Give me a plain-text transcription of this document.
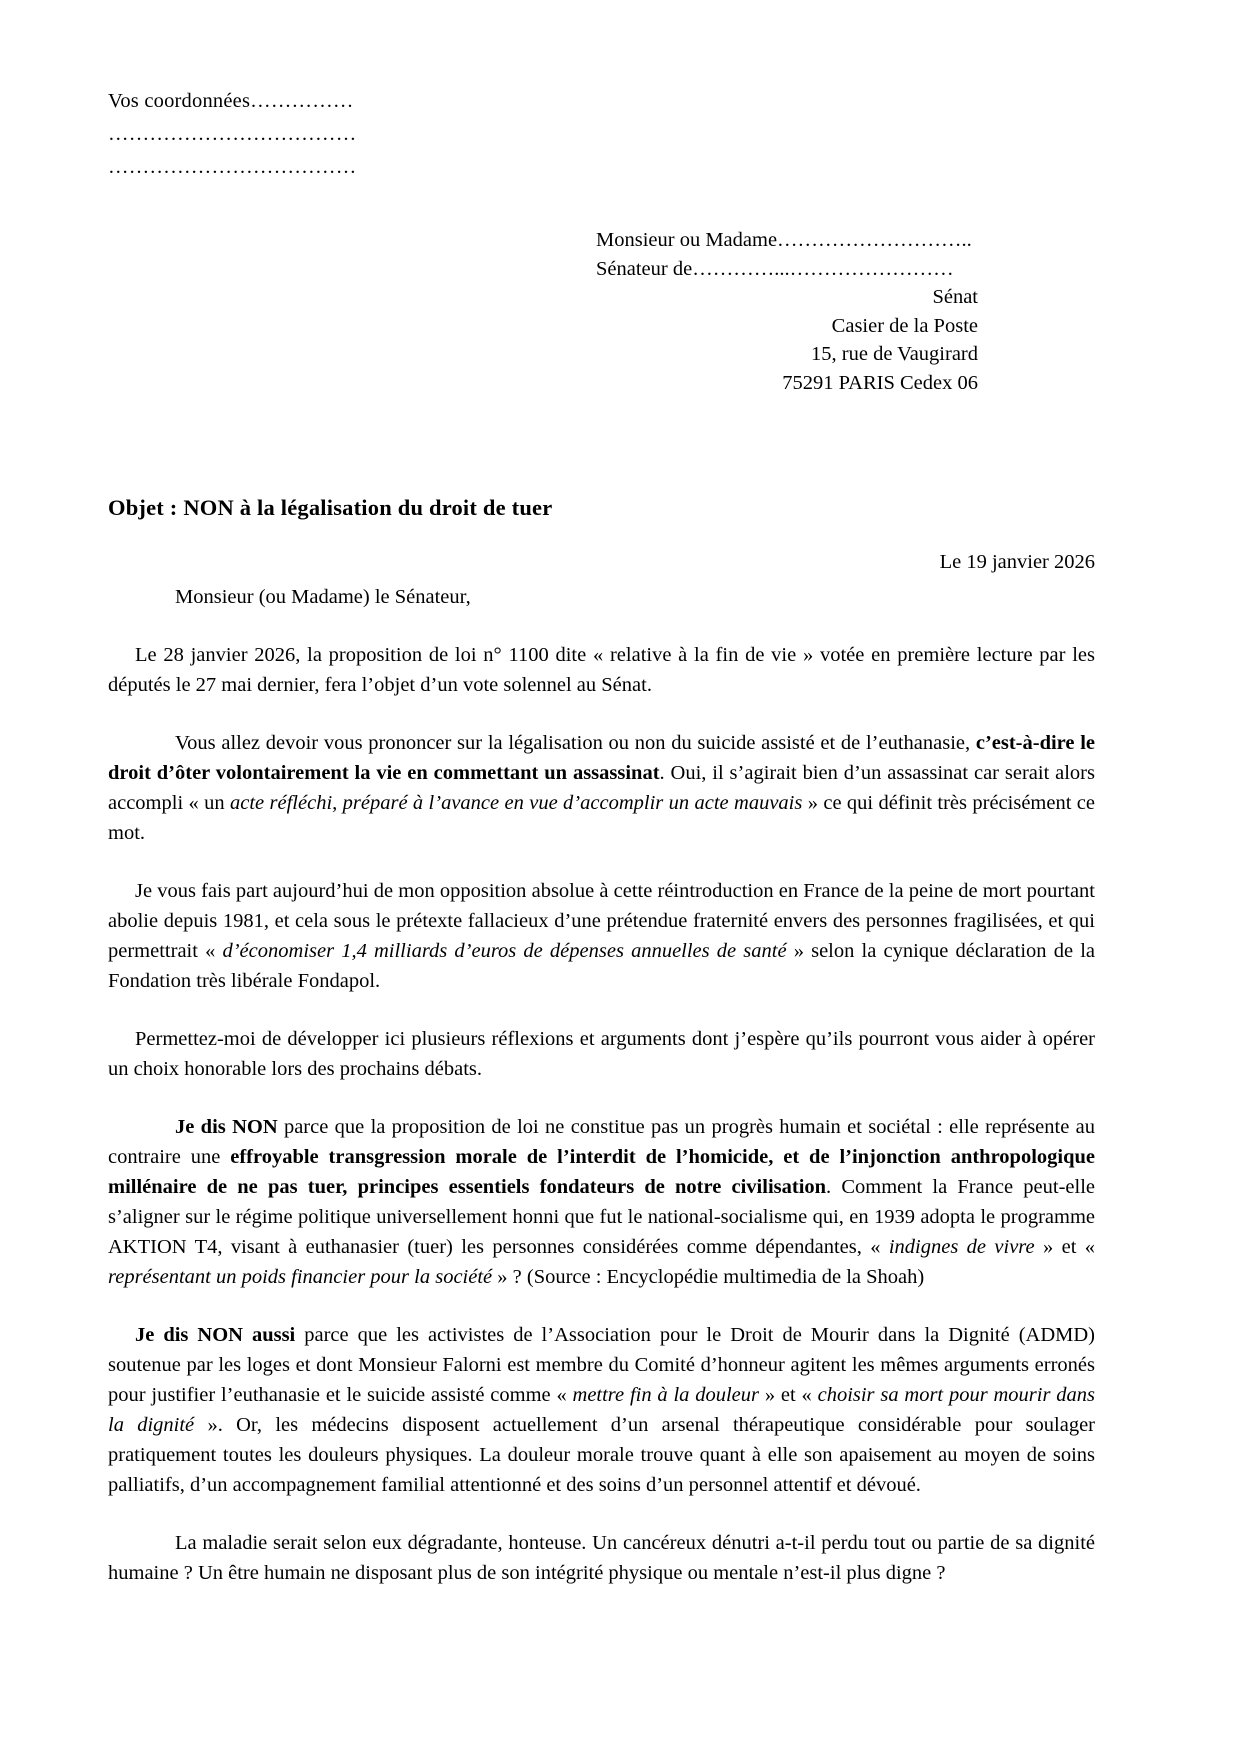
Vos coordonnées……………
………………………………
………………………………
Monsieur ou Madame………………………..
Sénateur de…………...……………………
Sénat
Casier de la Poste
15, rue de Vaugirard
75291 PARIS Cedex 06
Objet : NON à la légalisation du droit de tuer
Le 19 janvier 2026
Monsieur (ou Madame) le Sénateur,

Le 28 janvier 2026, la proposition de loi n° 1100 dite « relative à la fin de vie » votée en première lecture par les députés le 27 mai dernier, fera l’objet d’un vote solennel au Sénat.

Vous allez devoir vous prononcer sur la légalisation ou non du suicide assisté et de l’euthanasie, c’est-à-dire le droit d’ôter volontairement la vie en commettant un assassinat. Oui, il s’agirait bien d’un assassinat car serait alors accompli « un acte réfléchi, préparé à l’avance en vue d’accomplir un acte mauvais » ce qui définit très précisément ce mot.

Je vous fais part aujourd’hui de mon opposition absolue à cette réintroduction en France de la peine de mort pourtant abolie depuis 1981, et cela sous le prétexte fallacieux d’une prétendue fraternité envers des personnes fragilisées, et qui permettrait « d’économiser 1,4 milliards d’euros de dépenses annuelles de santé » selon la cynique déclaration de la Fondation très libérale Fondapol.

Permettez-moi de développer ici plusieurs réflexions et arguments dont j’espère qu’ils pourront vous aider à opérer un choix honorable lors des prochains débats.

Je dis NON parce que la proposition de loi ne constitue pas un progrès humain et sociétal : elle représente au contraire une effroyable transgression morale de l’interdit de l’homicide, et de l’injonction anthropologique millénaire de ne pas tuer, principes essentiels fondateurs de notre civilisation. Comment la France peut-elle s’aligner sur le régime politique universellement honni que fut le national-socialisme qui, en 1939 adopta le programme AKTION T4, visant à euthanasier (tuer) les personnes considérées comme dépendantes, « indignes de vivre » et « représentant un poids financier pour la société » ? (Source : Encyclopédie multimedia de la Shoah)

Je dis NON aussi parce que les activistes de l’Association pour le Droit de Mourir dans la Dignité (ADMD) soutenue par les loges et dont Monsieur Falorni est membre du Comité d’honneur agitent les mêmes arguments erronés pour justifier l’euthanasie et le suicide assisté comme « mettre fin à la douleur » et « choisir sa mort pour mourir dans la dignité ». Or, les médecins disposent actuellement d’un arsenal thérapeutique considérable pour soulager pratiquement toutes les douleurs physiques. La douleur morale trouve quant à elle son apaisement au moyen de soins palliatifs, d’un accompagnement familial attentionné et des soins d’un personnel attentif et dévoué.

La maladie serait selon eux dégradante, honteuse. Un cancéreux dénutri a-t-il perdu tout ou partie de sa dignité humaine ? Un être humain ne disposant plus de son intégrité physique ou mentale n’est-il plus digne ?
